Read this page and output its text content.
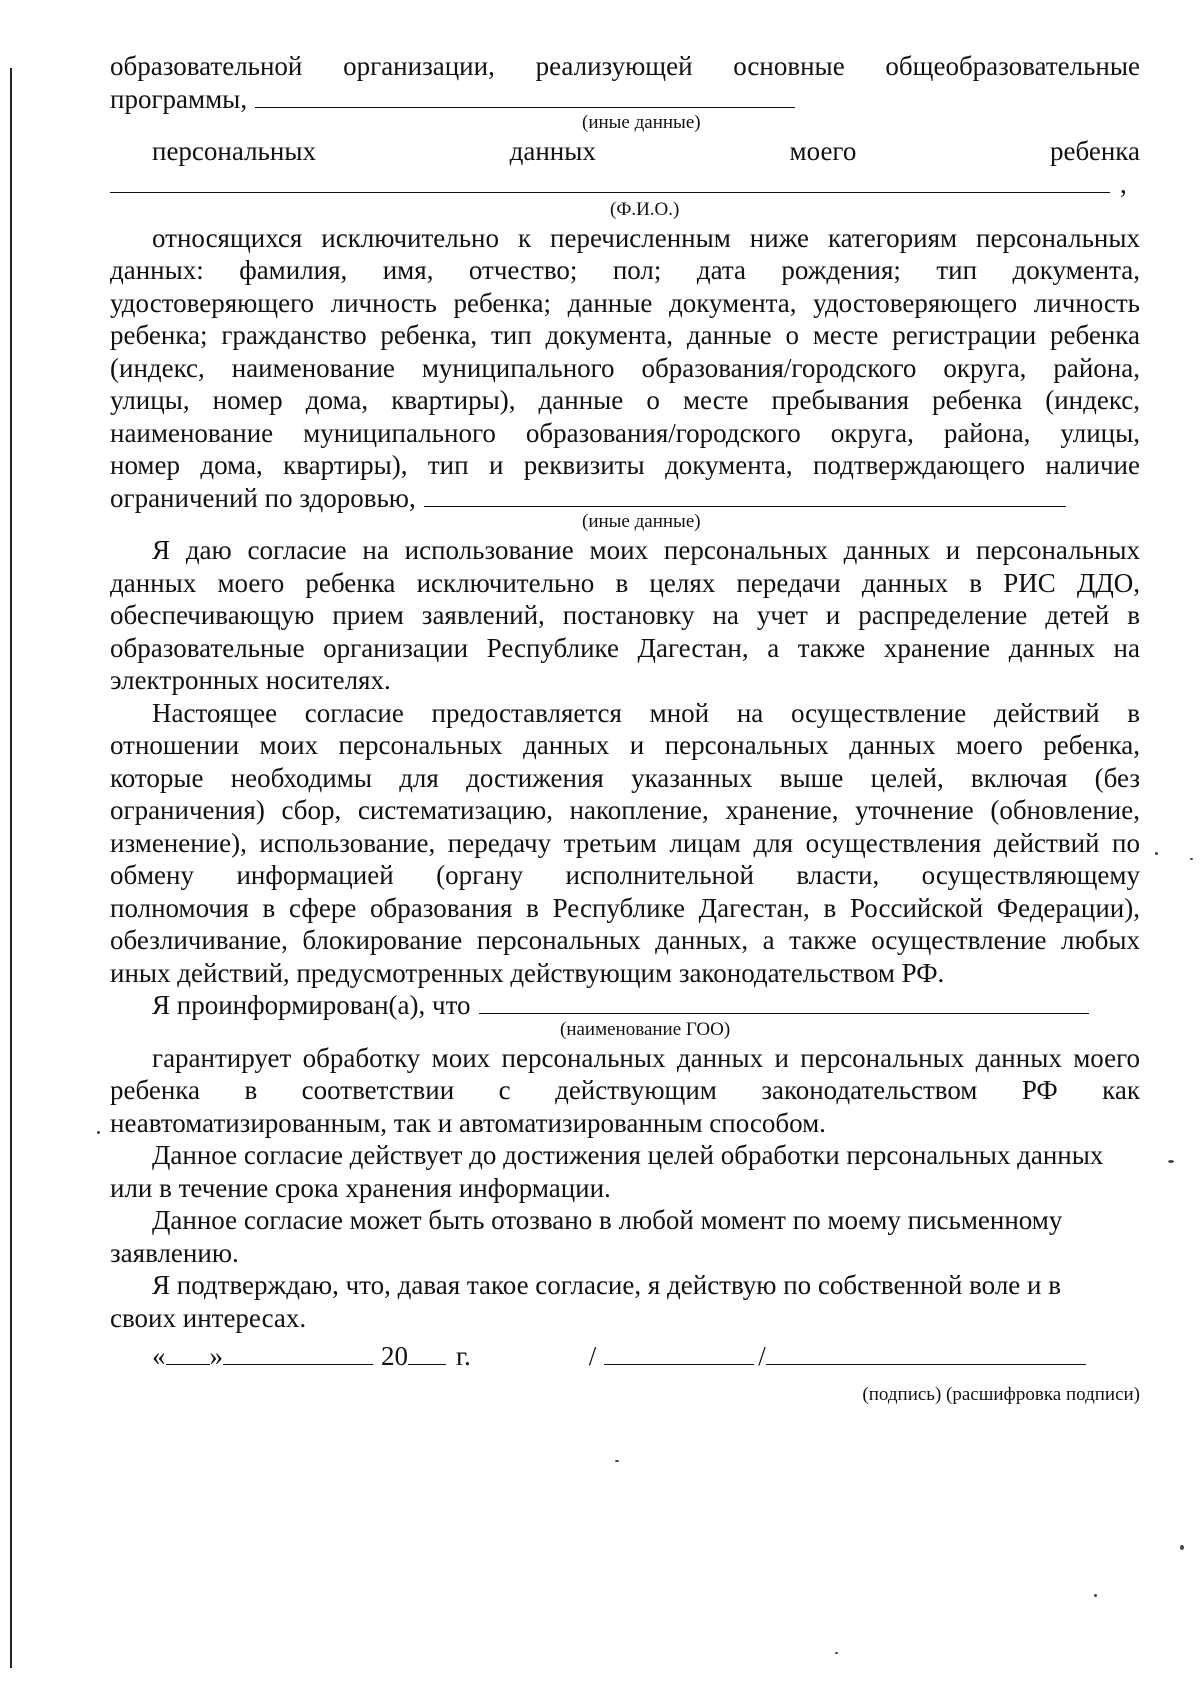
образовательной организации, реализующей основные общеобразовательные
программы,
(иные данные)
персональных данных моего ребенка
,
(Ф.И.О.)
относящихся исключительно к перечисленным ниже категориям персональных
данных: фамилия, имя, отчество; пол; дата рождения; тип документа,
удостоверяющего личность ребенка; данные документа, удостоверяющего личность
ребенка; гражданство ребенка, тип документа, данные о месте регистрации ребенка
(индекс, наименование муниципального образования/городского округа, района,
улицы, номер дома, квартиры), данные о месте пребывания ребенка (индекс,
наименование муниципального образования/городского округа, района, улицы,
номер дома, квартиры), тип и реквизиты документа, подтверждающего наличие
ограничений по здоровью,
(иные данные)
Я даю согласие на использование моих персональных данных и персональных
данных моего ребенка исключительно в целях передачи данных в РИС ДДО,
обеспечивающую прием заявлений, постановку на учет и распределение детей в
образовательные организации Республике Дагестан, а также хранение данных на
электронных носителях.
Настоящее согласие предоставляется мной на осуществление действий в
отношении моих персональных данных и персональных данных моего ребенка,
которые необходимы для достижения указанных выше целей, включая (без
ограничения) сбор, систематизацию, накопление, хранение, уточнение (обновление,
изменение), использование, передачу третьим лицам для осуществления действий по
обмену информацией (органу исполнительной власти, осуществляющему
полномочия в сфере образования в Республике Дагестан, в Российской Федерации),
обезличивание, блокирование персональных данных, а также осуществление любых
иных действий, предусмотренных действующим законодательством РФ.
Я проинформирован(а), что
(наименование ГОО)
гарантирует обработку моих персональных данных и персональных данных моего
ребенка в соответствии с действующим законодательством РФ как
неавтоматизированным, так и автоматизированным способом.
Данное согласие действует до достижения целей обработки персональных данных
или в течение срока хранения информации.
Данное согласие может быть отозвано в любой момент по моему письменному
заявлению.
Я подтверждаю, что, давая такое согласие, я действую по собственной воле и в
своих интересах.
« »	20 г.	/	/
(подпись) (расшифровка подписи)
